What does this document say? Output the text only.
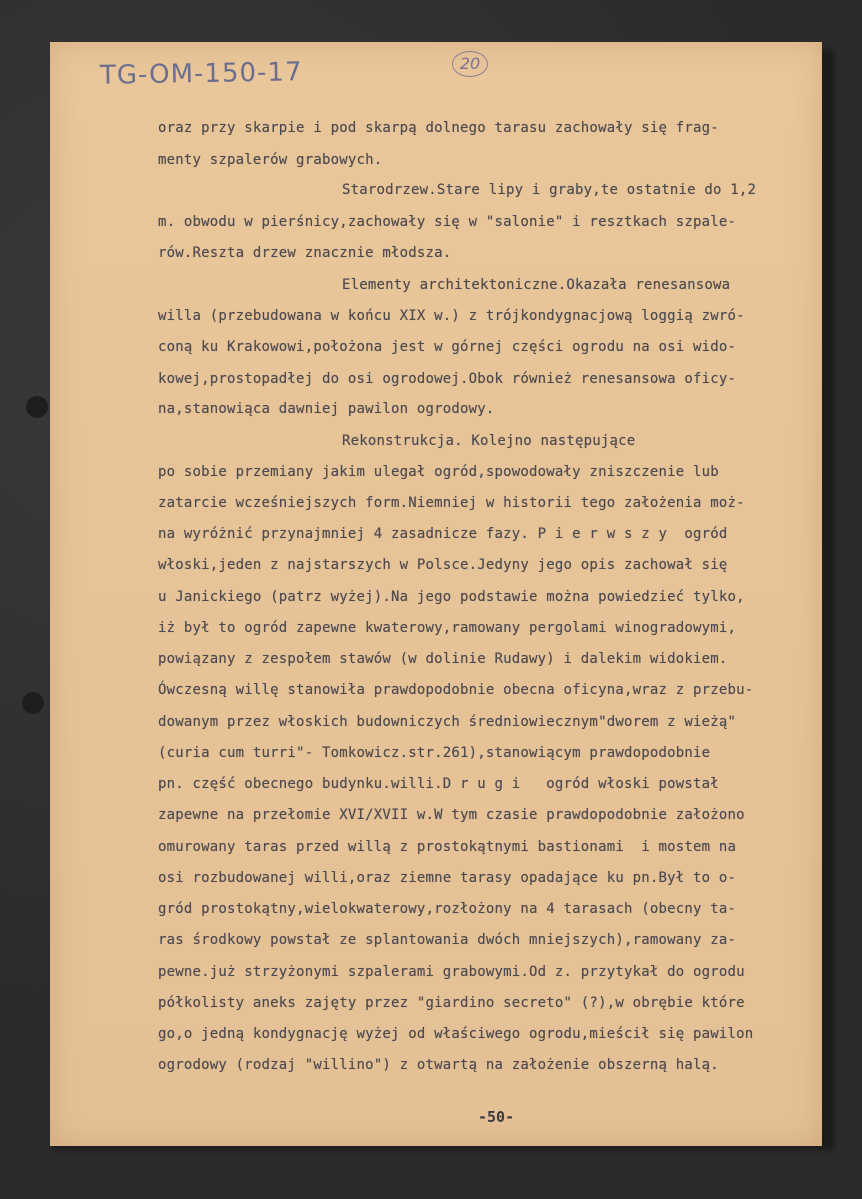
TG-OM-150-17	20
oraz przy skarpie i pod skarpą dolnego tarasu zachowały się frag-
menty szpalerów grabowych.
Starodrzew.Stare lipy i graby,te ostatnie do 1,2
m. obwodu w pierśnicy,zachowały się w "salonie" i resztkach szpale-
rów.Reszta drzew znacznie młodsza.
Elementy architektoniczne.Okazała renesansowa
willa (przebudowana w końcu XIX w.) z trójkondygnacjową loggią zwró-
coną ku Krakowowi,położona jest w górnej części ogrodu na osi wido-
kowej,prostopadłej do osi ogrodowej.Obok również renesansowa oficy-
na,stanowiąca dawniej pawilon ogrodowy.
Rekonstrukcja. Kolejno następujące
po sobie przemiany jakim ulegał ogród,spowodowały zniszczenie lub
zatarcie wcześniejszych form.Niemniej w historii tego założenia moż-
na wyróżnić przynajmniej 4 zasadnicze fazy. P i e r w s z y  ogród
włoski,jeden z najstarszych w Polsce.Jedyny jego opis zachował się
u Janickiego (patrz wyżej).Na jego podstawie można powiedzieć tylko,
iż był to ogród zapewne kwaterowy,ramowany pergolami winogradowymi,
powiązany z zespołem stawów (w dolinie Rudawy) i dalekim widokiem.
Ówczesną willę stanowiła prawdopodobnie obecna oficyna,wraz z przebu-
dowanym przez włoskich budowniczych średniowiecznym"dworem z wieżą"
(curia cum turri"- Tomkowicz.str.261),stanowiącym prawdopodobnie
pn. część obecnego budynku.willi.D r u g i   ogród włoski powstał
zapewne na przełomie XVI/XVII w.W tym czasie prawdopodobnie założono
omurowany taras przed willą z prostokątnymi bastionami  i mostem na
osi rozbudowanej willi,oraz ziemne tarasy opadające ku pn.Był to o-
gród prostokątny,wielokwaterowy,rozłożony na 4 tarasach (obecny ta-
ras środkowy powstał ze splantowania dwóch mniejszych),ramowany za-
pewne.już strzyżonymi szpalerami grabowymi.Od z. przytykał do ogrodu
półkolisty aneks zajęty przez "giardino secreto" (?),w obrębie które
go,o jedną kondygnację wyżej od właściwego ogrodu,mieścił się pawilon
ogrodowy (rodzaj "willino") z otwartą na założenie obszerną halą.
-50-
